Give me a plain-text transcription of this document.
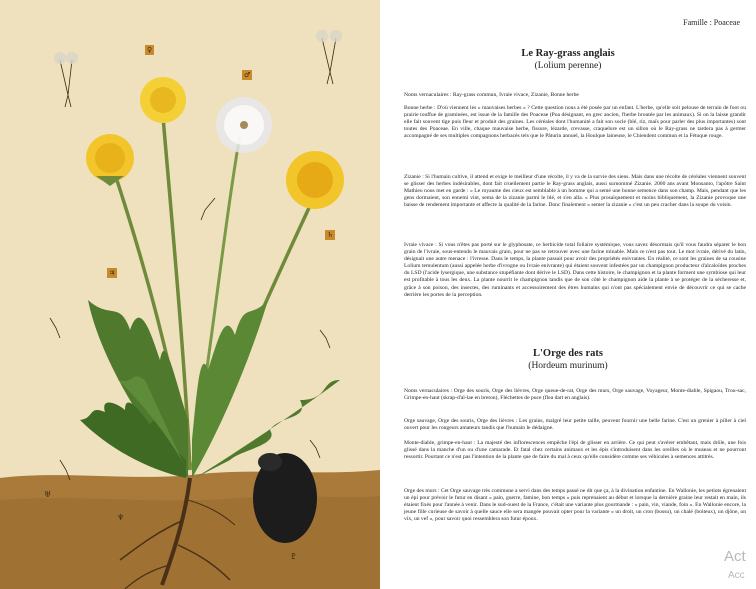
♀
♂
♃
♄
♅
♆
♇
Famille : Poaceae
Le Ray-grass anglais
(Lolium perenne)

Noms vernaculaires : Ray-grass commun, Ivraie vivace, Zizanie, Bonne herbe

Bonne herbe : D'où viennent les « mauvaises herbes » ? Cette question nous a été posée par un enfant. L'herbe, qu'elle soit pelouse de terrain de foot ou prairie touffue de graminées, est issue de la famille des Poaceae (Poa désignant, en grec ancien, l'herbe broutée par les animaux). Si on la laisse grandir elle fait souvent tige puis fleur et produit des graines. Les céréales dont l'humanité a fait son socle (blé, riz, maïs pour parler des plus importantes) sont toutes des Poaceae. En ville, chaque mauvaise herbe, fissure, lézarde, crevasse, craquelure est un sillon où le Ray-grass ne tardera pas à germer accompagné de ses multiples compagnons herbacés tels que le Pâturin annuel, la Houlque laineuse, le Chiendent commun et la Fétuque rouge.

Zizanie : Si l'humain cultive, il attend et exige le meilleur d'une récolte, il y va de la survie des siens. Mais dans une récolte de céréales viennent souvent se glisser des herbes indésirables, dont fait cruellement partie le Ray-grass anglais, aussi surnommé Zizanie. 2000 ans avant Monsanto, l'apôtre Saint Mathieu nous met en garde : « Le royaume des cieux est semblable à un homme qui a semé une bonne semence dans son champ. Mais, pendant que les gens dormaient, son ennemi vint, sema de la zizanie parmi le blé, et s'en alla. » Plus prosaïquement et moins bibliquement, la Zizanie provoque une baisse de rendement importante et affecte la qualité de la farine. Donc finalement « semer la zizanie » c'est un peu cracher dans la soupe du voisin.

Ivraie vivace : Si vous n'êtes pas porté sur le glyphosate, ce herbicide total foliaire systémique, vous savez désormais qu'il vous faudra séparer le bon grain de l'ivraie, sous-entendu le mauvais grain, pour ne pas se retrouver avec une farine minable. Mais ce n'est pas tout. Le mot ivraie, dérivé du latin, désignait une autre menace : l'ivresse. Dans le temps, la plante passait pour avoir des propriétés enivrantes. En réalité, ce sont les graines de sa cousine Lolium temulentum (aussi appelée herbe d'ivrogne ou Ivraie enivrante) qui étaient souvent infestées par un champignon producteur d'alcaloïdes proches du LSD (l'acide lysergique, une substance stupéfiante dont dérive le LSD). Dans cette histoire, le champignon et la plante forment une symbiose qui leur est profitable à tous les deux. La plante nourrit le champignon tandis que de son côté le champignon aide la plante à se protéger de la sécheresse et, grâce à son poison, des insectes, des ruminants et accessoirement des êtres humains qui n'ont pas spécialement envie de découvrir ce qui se cache derrière les portes de la perception.

L'Orge des rats
(Hordeum murinum)

Noms vernaculaires : Orge des souris, Orge des lièvres, Orge queue-de-rat, Orge des murs, Orge sauvage, Voyageur, Monte-diable, Spigaou, Trou-sac, Grimpe-en-haut (skrap-d'al-lae en breton), Fléchettes de puce (flea dart en anglais).

Orge sauvage, Orge des souris, Orge des lièvres : Les grains, malgré leur petite taille, peuvent fournir une belle farine. C'est un grenier à piller à ciel ouvert pour les rongeurs amateurs tandis que l'humain le dédaigne.

Monte-diable, grimpe-en-haut : La majesté des inflorescences empêche l'épi de glisser en arrière. Ce qui peut s'avérer embêtant, mais drôle, une fois glissé dans la manche d'un ou d'une camarade. Et fatal chez certains animaux et les épis s'introduisent dans les oreilles où le museau et ne pourront ressortir. Pourtant ce n'est pas l'intention de la plante que de faire du mal à ceux qu'elle considère comme ses véhicules à semences attitrés.

Orge des murs : Cet Orge sauvage très commune a servi dans des temps passé ne dit que ça, à la divination enfantine. En Wallonie, les petiots égrenaient un épi pour prévoir le futur en disant « pain, guerre, famine, bon temps » puis reprenaient au début et lorsque la dernière graine leur restait en main, ils étaient fixés pour l'année à venir. Dans le sud-ouest de la France, c'était une variante plus gourmande : « pain, vin, viande, foin ». En Wallonie encore, la jeune fille curieuse de savoir à quelle sauce elle sera mangée pouvait opter pour la variante « un droit, un cron (bossu), un chalé (boiteux), un djône, un vix, un vef », pour savoir quoi ressemblera son futur époux.

Act
Acc
